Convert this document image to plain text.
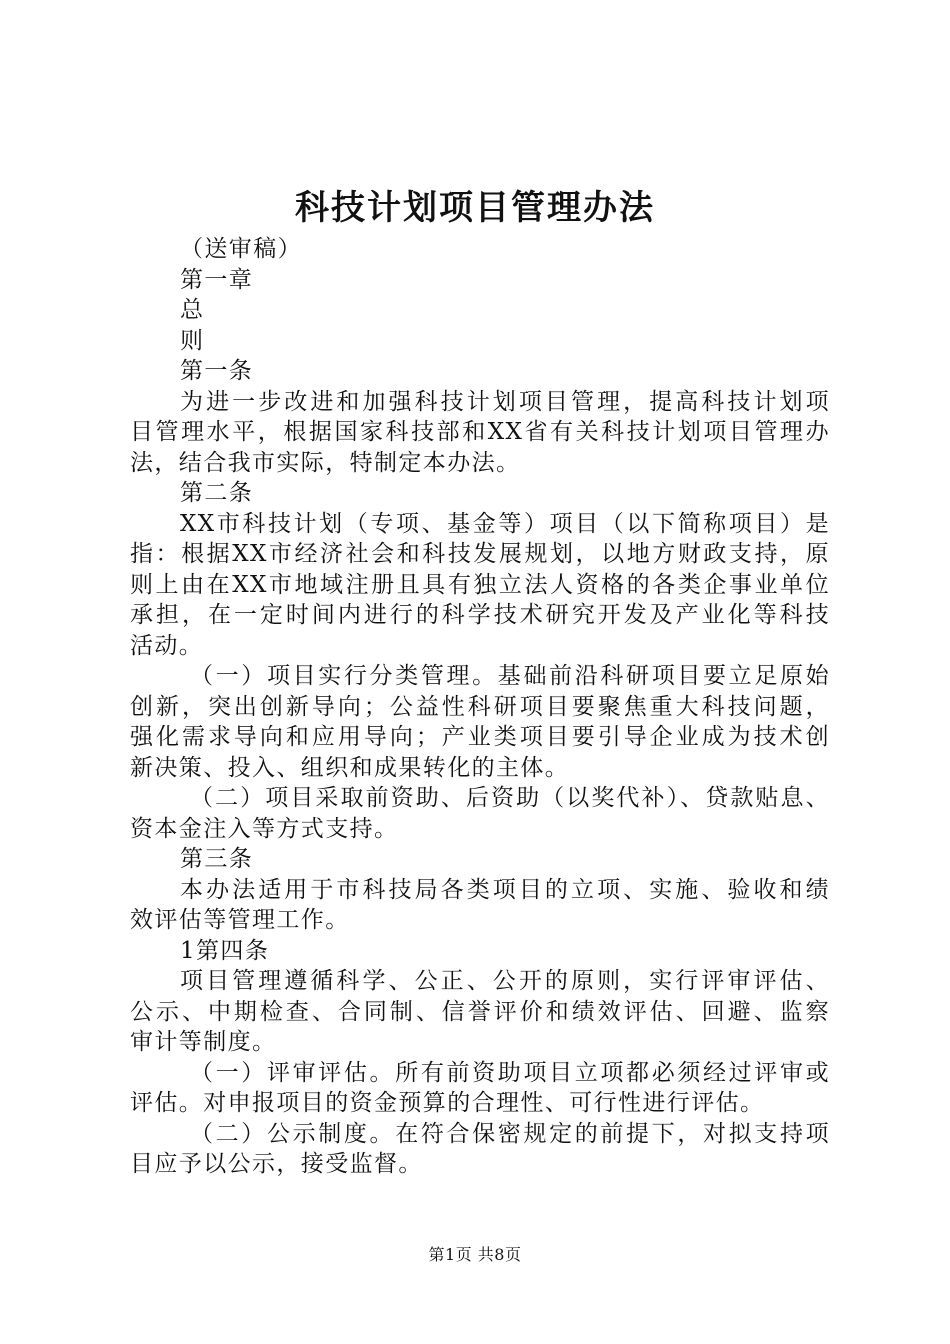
科技计划项目管理办法

（送审稿）

第一章

总

则

第一条

为进一步改进和加强科技计划项目管理，提高科技计划项

目管理水平，根据国家科技部和XX省有关科技计划项目管理办

法，结合我市实际，特制定本办法。

第二条

XX市科技计划（专项、基金等）项目（以下简称项目）是

指：根据XX市经济社会和科技发展规划，以地方财政支持，原

则上由在XX市地域注册且具有独立法人资格的各类企事业单位

承担，在一定时间内进行的科学技术研究开发及产业化等科技

活动。

（一）项目实行分类管理。基础前沿科研项目要立足原始

创新，突出创新导向；公益性科研项目要聚焦重大科技问题，

强化需求导向和应用导向；产业类项目要引导企业成为技术创

新决策、投入、组织和成果转化的主体。

（二）项目采取前资助、后资助（以奖代补）、贷款贴息、

资本金注入等方式支持。

第三条

本办法适用于市科技局各类项目的立项、实施、验收和绩

效评估等管理工作。

1第四条

项目管理遵循科学、公正、公开的原则，实行评审评估、

公示、中期检查、合同制、信誉评价和绩效评估、回避、监察

审计等制度。

（一）评审评估。所有前资助项目立项都必须经过评审或

评估。对申报项目的资金预算的合理性、可行性进行评估。

（二）公示制度。在符合保密规定的前提下，对拟支持项

目应予以公示，接受监督。

第1页 共8页
